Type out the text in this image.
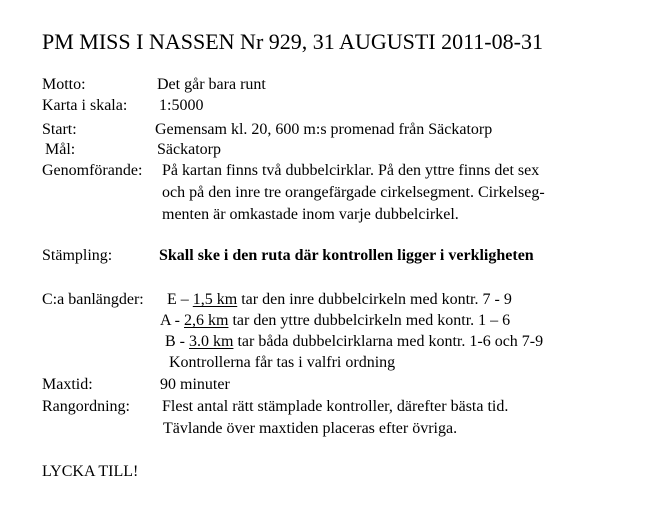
PM MISS I NASSEN Nr 929, 31 AUGUSTI 2011-08-31
Motto:	Det går bara runt
Karta i skala: 1:5000
Start:	Gemensam kl. 20, 600 m:s promenad från Säckatorp
Mål:	Säckatorp
Genomförande: På kartan finns två dubbelcirklar. På den yttre finns det sex
och på den inre tre orangefärgade cirkelsegment. Cirkelseg-
menten är omkastade inom varje dubbelcirkel.
Stämpling:	Skall ske i den ruta där kontrollen ligger i verkligheten
C:a banlängder: E – 1,5 km tar den inre dubbelcirkeln med kontr. 7 - 9
A - 2,6 km tar den yttre dubbelcirkeln med kontr. 1 – 6
B - 3.0 km tar båda dubbelcirklarna med kontr. 1-6 och 7-9
Kontrollerna får tas i valfri ordning
Maxtid:	90 minuter
Rangordning: Flest antal rätt stämplade kontroller, därefter bästa tid.
Tävlande över maxtiden placeras efter övriga.
LYCKA TILL!
